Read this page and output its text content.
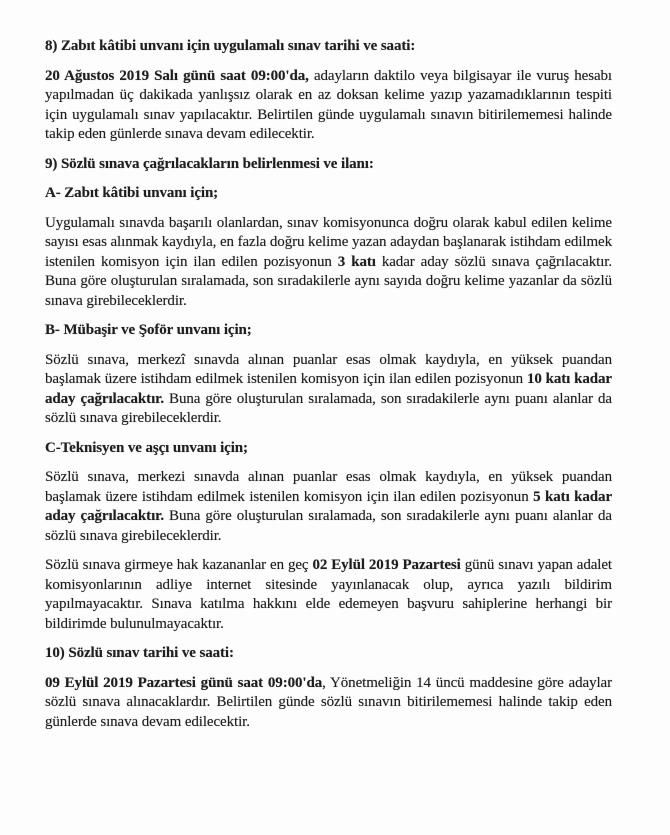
8) Zabıt kâtibi unvanı için uygulamalı sınav tarihi ve saati:
20 Ağustos 2019 Salı günü saat 09:00'da, adayların daktilo veya bilgisayar ile vuruş hesabı yapılmadan üç dakikada yanlışsız olarak en az doksan kelime yazıp yazamadıklarının tespiti için uygulamalı sınav yapılacaktır. Belirtilen günde uygulamalı sınavın bitirilememesi halinde takip eden günlerde sınava devam edilecektir.
9) Sözlü sınava çağrılacakların belirlenmesi ve ilanı:
A- Zabıt kâtibi unvanı için;
Uygulamalı sınavda başarılı olanlardan, sınav komisyonunca doğru olarak kabul edilen kelime sayısı esas alınmak kaydıyla, en fazla doğru kelime yazan adaydan başlanarak istihdam edilmek istenilen komisyon için ilan edilen pozisyonun 3 katı kadar aday sözlü sınava çağrılacaktır. Buna göre oluşturulan sıralamada, son sıradakilerle aynı sayıda doğru kelime yazanlar da sözlü sınava girebileceklerdir.
B- Mübaşir ve Şoför unvanı için;
Sözlü sınava, merkezî sınavda alınan puanlar esas olmak kaydıyla, en yüksek puandan başlamak üzere istihdam edilmek istenilen komisyon için ilan edilen pozisyonun 10 katı kadar aday çağrılacaktır. Buna göre oluşturulan sıralamada, son sıradakilerle aynı puanı alanlar da sözlü sınava girebileceklerdir.
C-Teknisyen ve aşçı unvanı için;
Sözlü sınava, merkezi sınavda alınan puanlar esas olmak kaydıyla, en yüksek puandan başlamak üzere istihdam edilmek istenilen komisyon için ilan edilen pozisyonun 5 katı kadar aday çağrılacaktır. Buna göre oluşturulan sıralamada, son sıradakilerle aynı puanı alanlar da sözlü sınava girebileceklerdir.
Sözlü sınava girmeye hak kazananlar en geç 02 Eylül 2019 Pazartesi günü sınavı yapan adalet komisyonlarının adliye internet sitesinde yayınlanacak olup, ayrıca yazılı bildirim yapılmayacaktır. Sınava katılma hakkını elde edemeyen başvuru sahiplerine herhangi bir bildirimde bulunulmayacaktır.
10) Sözlü sınav tarihi ve saati:
09 Eylül 2019 Pazartesi günü saat 09:00'da, Yönetmeliğin 14 üncü maddesine göre adaylar sözlü sınava alınacaklardır. Belirtilen günde sözlü sınavın bitirilememesi halinde takip eden günlerde sınava devam edilecektir.
